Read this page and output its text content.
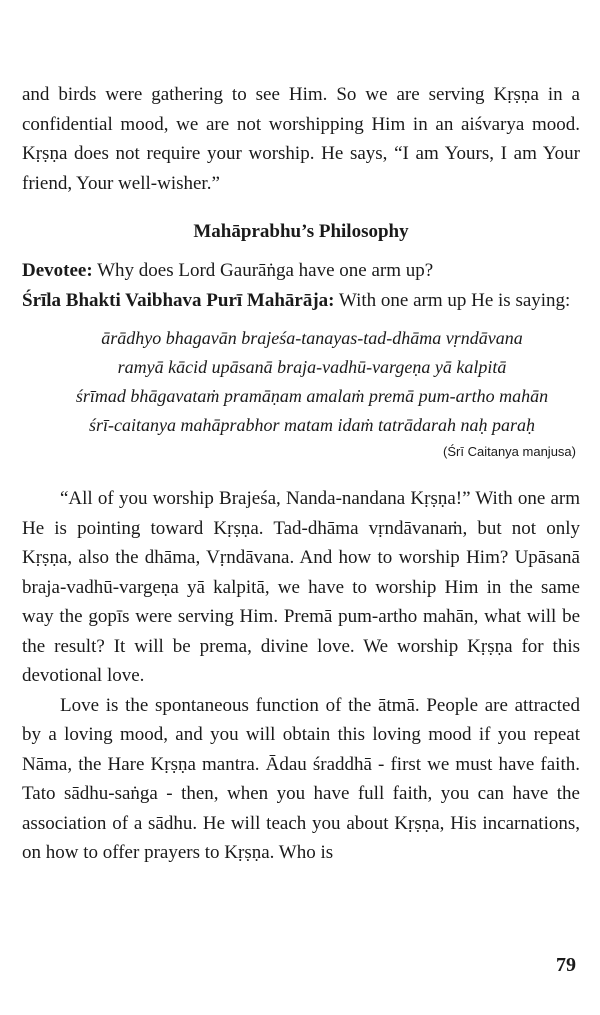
and birds were gathering to see Him. So we are serving Kṛṣṇa in a confidential mood, we are not worshipping Him in an aiśvarya mood. Kṛṣṇa does not require your worship. He says, “I am Yours, I am Your friend, Your well-wisher.”

Mahāprabhu’s Philosophy

Devotee: Why does Lord Gaurāṅga have one arm up?

Śrīla Bhakti Vaibhava Purī Mahārāja: With one arm up He is saying:

ārādhyo bhagavān brajeśa-tanayas-tad-dhāma vṛndāvana
ramyā kācid upāsanā braja-vadhū-vargeṇa yā kalpitā
śrīmad bhāgavataṁ pramāṇam amalaṁ premā pum-artho mahān
śrī-caitanya mahāprabhor matam idaṁ tatrādarah naḥ paraḥ
(Śrī Caitanya manjusa)

“All of you worship Brajeśa, Nanda-nandana Kṛṣṇa!” With one arm He is pointing toward Kṛṣṇa. Tad-dhāma vṛndāvanaṁ, but not only Kṛṣṇa, also the dhāma, Vṛndāvana. And how to worship Him? Upāsanā braja-vadhū-vargeṇa yā kalpitā, we have to worship Him in the same way the gopīs were serving Him. Premā pum-artho mahān, what will be the result? It will be prema, divine love. We worship Kṛṣṇa for this devotional love.

Love is the spontaneous function of the ātmā. People are attracted by a loving mood, and you will obtain this loving mood if you repeat Nāma, the Hare Kṛṣṇa mantra. Ādau śraddhā - first we must have faith. Tato sādhu-saṅga - then, when you have full faith, you can have the association of a sādhu. He will teach you about Kṛṣṇa, His incarnations, on how to offer prayers to Kṛṣṇa. Who is

79
